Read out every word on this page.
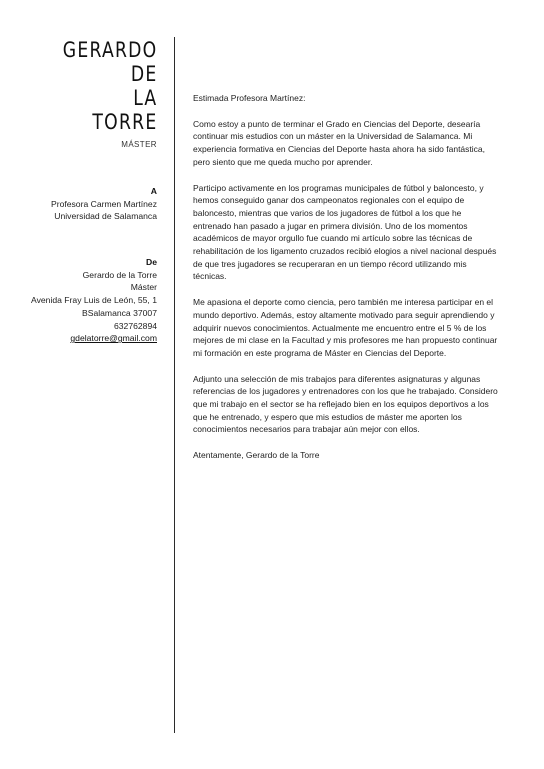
GERARDO
DE
LA
TORRE
MÁSTER
A
Profesora Carmen Martínez
Universidad de Salamanca
De
Gerardo de la Torre
Máster
Avenida Fray Luis de León, 55, 1
BSalamanca 37007
632762894
gdelatorre@gmail.com

Estimada Profesora Martínez:

Como estoy a punto de terminar el Grado en Ciencias del Deporte, desearía continuar mis estudios con un máster en la Universidad de Salamanca. Mi experiencia formativa en Ciencias del Deporte hasta ahora ha sido fantástica, pero siento que me queda mucho por aprender.

Participo activamente en los programas municipales de fútbol y baloncesto, y hemos conseguido ganar dos campeonatos regionales con el equipo de baloncesto, mientras que varios de los jugadores de fútbol a los que he entrenado han pasado a jugar en primera división. Uno de los momentos académicos de mayor orgullo fue cuando mi artículo sobre las técnicas de rehabilitación de los ligamento cruzados recibió elogios a nivel nacional después de que tres jugadores se recuperaran en un tiempo récord utilizando mis técnicas.

Me apasiona el deporte como ciencia, pero también me interesa participar en el mundo deportivo. Además, estoy altamente motivado para seguir aprendiendo y adquirir nuevos conocimientos. Actualmente me encuentro entre el 5 % de los mejores de mi clase en la Facultad y mis profesores me han propuesto continuar mi formación en este programa de Máster en Ciencias del Deporte.

Adjunto una selección de mis trabajos para diferentes asignaturas y algunas referencias de los jugadores y entrenadores con los que he trabajado. Considero que mi trabajo en el sector se ha reflejado bien en los equipos deportivos a los que he entrenado, y espero que mis estudios de máster me aporten los conocimientos necesarios para trabajar aún mejor con ellos.

Atentamente, Gerardo de la Torre
